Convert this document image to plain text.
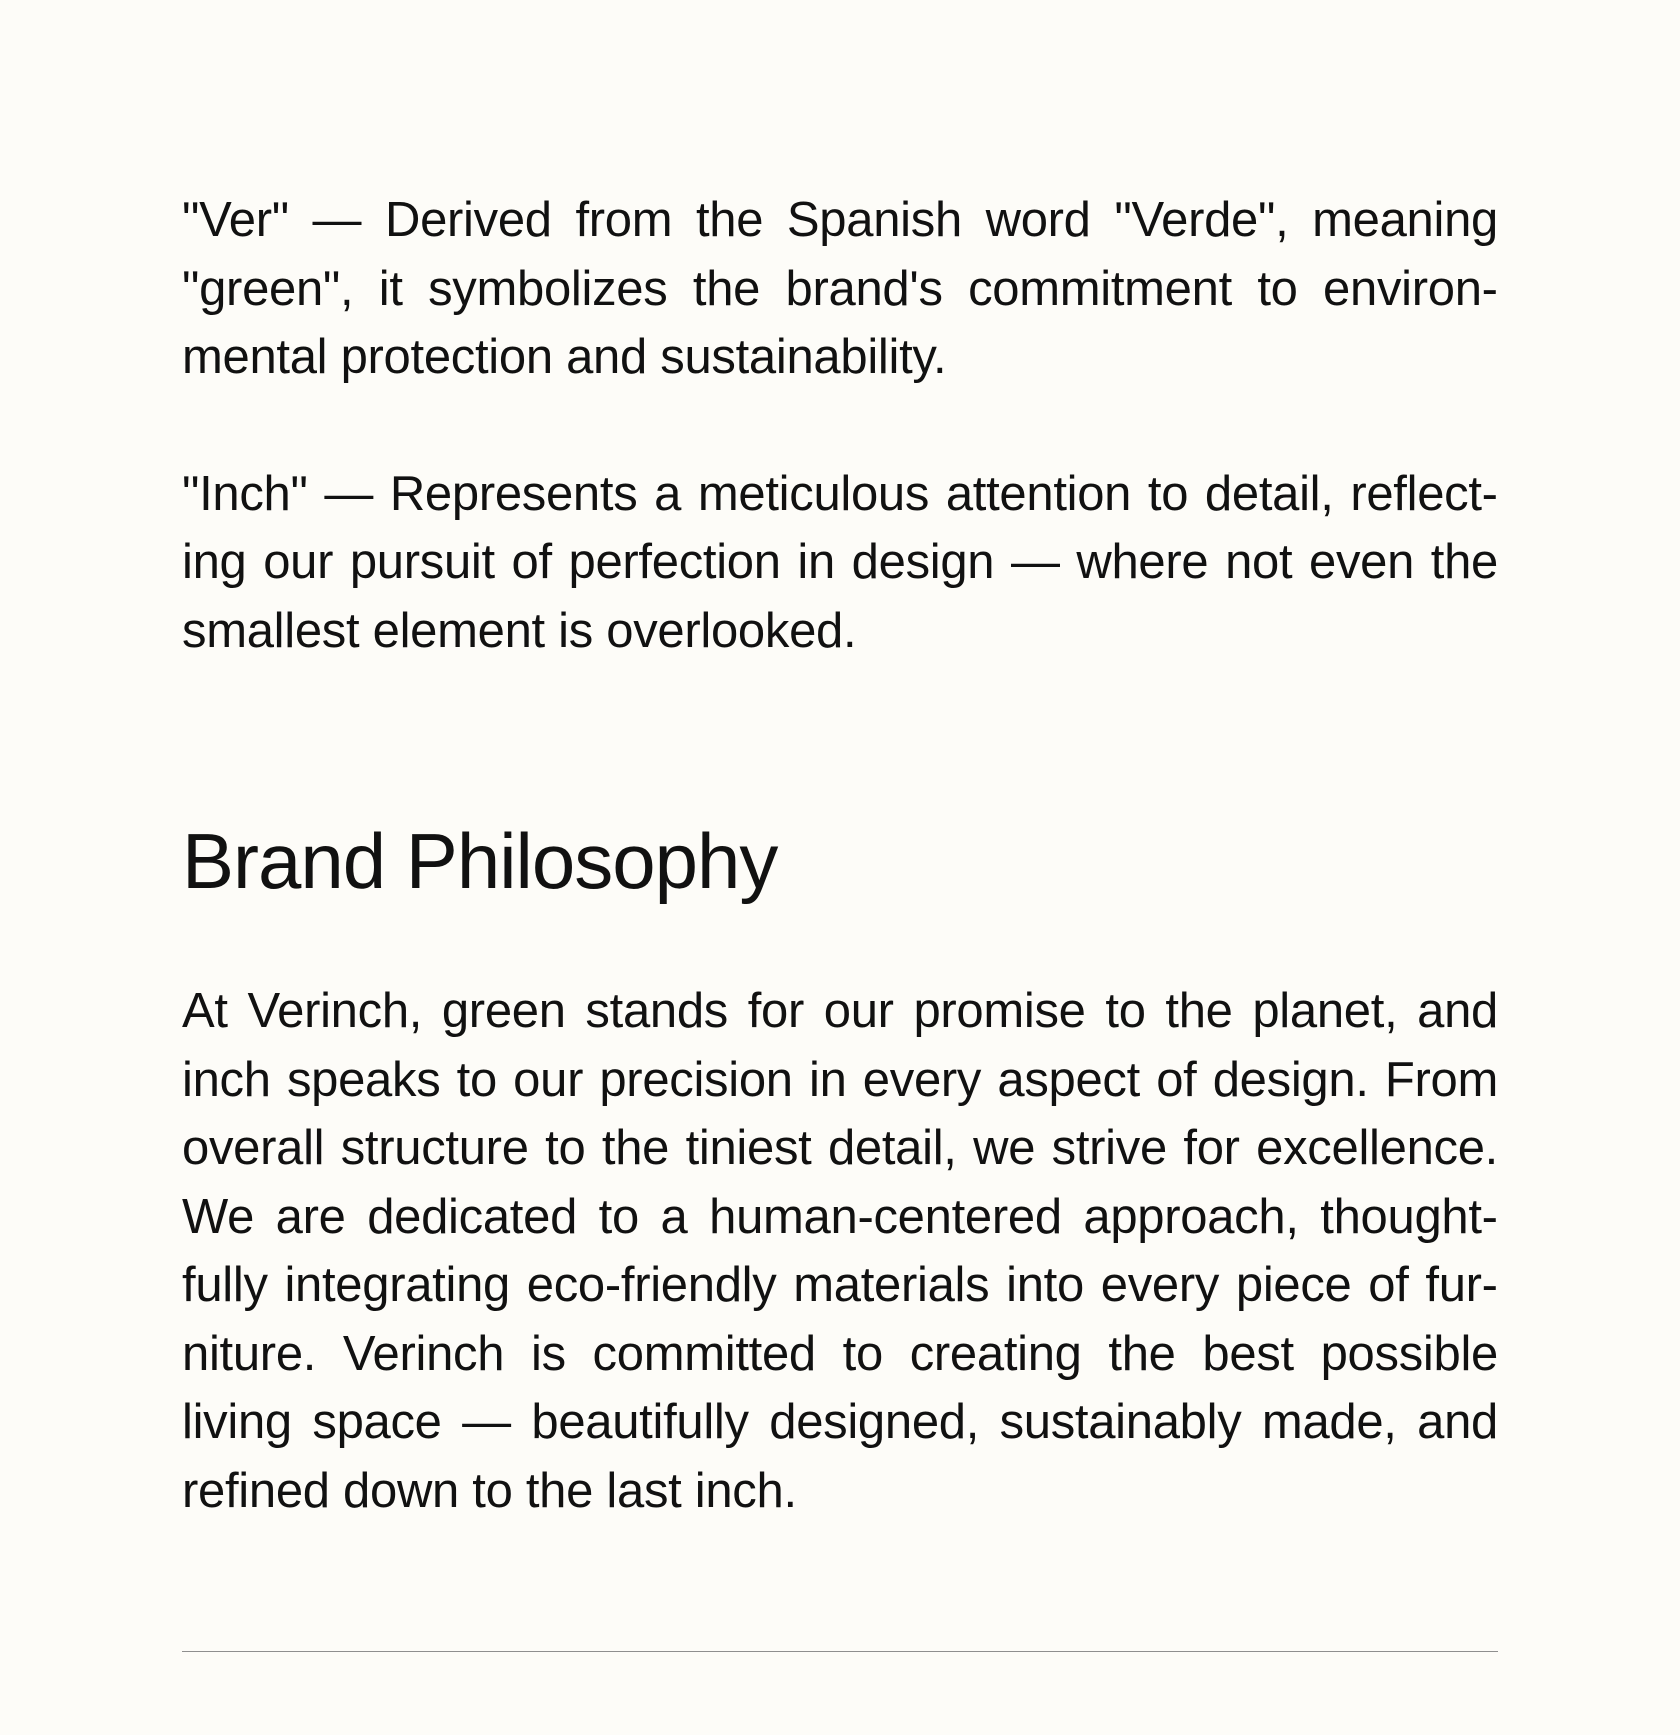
"Ver" — Derived from the Spanish word "Verde", meaning "green", it symbolizes the brand's commitment to environmental protection and sustainability.

"Inch" — Represents a meticulous attention to detail, reflecting our pursuit of perfection in design — where not even the smallest element is overlooked.

Brand Philosophy

At Verinch, green stands for our promise to the planet, and inch speaks to our precision in every aspect of design. From overall structure to the tiniest detail, we strive for excellence. We are dedicated to a human-centered approach, thoughtfully integrating eco-friendly materials into every piece of furniture. Verinch is committed to creating the best possible living space — beautifully designed, sustainably made, and refined down to the last inch.
